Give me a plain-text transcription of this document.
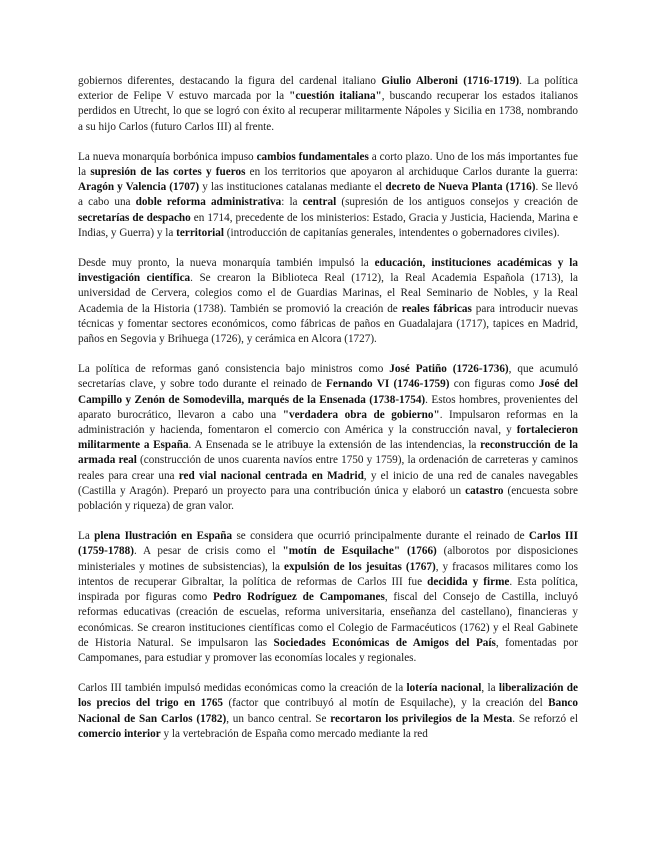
gobiernos diferentes, destacando la figura del cardenal italiano Giulio Alberoni (1716-1719). La política exterior de Felipe V estuvo marcada por la "cuestión italiana", buscando recuperar los estados italianos perdidos en Utrecht, lo que se logró con éxito al recuperar militarmente Nápoles y Sicilia en 1738, nombrando a su hijo Carlos (futuro Carlos III) al frente.

La nueva monarquía borbónica impuso cambios fundamentales a corto plazo. Uno de los más importantes fue la supresión de las cortes y fueros en los territorios que apoyaron al archiduque Carlos durante la guerra: Aragón y Valencia (1707) y las instituciones catalanas mediante el decreto de Nueva Planta (1716). Se llevó a cabo una doble reforma administrativa: la central (supresión de los antiguos consejos y creación de secretarías de despacho en 1714, precedente de los ministerios: Estado, Gracia y Justicia, Hacienda, Marina e Indias, y Guerra) y la territorial (introducción de capitanías generales, intendentes o gobernadores civiles).

Desde muy pronto, la nueva monarquía también impulsó la educación, instituciones académicas y la investigación científica. Se crearon la Biblioteca Real (1712), la Real Academia Española (1713), la universidad de Cervera, colegios como el de Guardias Marinas, el Real Seminario de Nobles, y la Real Academia de la Historia (1738). También se promovió la creación de reales fábricas para introducir nuevas técnicas y fomentar sectores económicos, como fábricas de paños en Guadalajara (1717), tapices en Madrid, paños en Segovia y Brihuega (1726), y cerámica en Alcora (1727).

La política de reformas ganó consistencia bajo ministros como José Patiño (1726-1736), que acumuló secretarías clave, y sobre todo durante el reinado de Fernando VI (1746-1759) con figuras como José del Campillo y Zenón de Somodevilla, marqués de la Ensenada (1738-1754). Estos hombres, provenientes del aparato burocrático, llevaron a cabo una "verdadera obra de gobierno". Impulsaron reformas en la administración y hacienda, fomentaron el comercio con América y la construcción naval, y fortalecieron militarmente a España. A Ensenada se le atribuye la extensión de las intendencias, la reconstrucción de la armada real (construcción de unos cuarenta navíos entre 1750 y 1759), la ordenación de carreteras y caminos reales para crear una red vial nacional centrada en Madrid, y el inicio de una red de canales navegables (Castilla y Aragón). Preparó un proyecto para una contribución única y elaboró un catastro (encuesta sobre población y riqueza) de gran valor.

La plena Ilustración en España se considera que ocurrió principalmente durante el reinado de Carlos III (1759-1788). A pesar de crisis como el "motín de Esquilache" (1766) (alborotos por disposiciones ministeriales y motines de subsistencias), la expulsión de los jesuitas (1767), y fracasos militares como los intentos de recuperar Gibraltar, la política de reformas de Carlos III fue decidida y firme. Esta política, inspirada por figuras como Pedro Rodríguez de Campomanes, fiscal del Consejo de Castilla, incluyó reformas educativas (creación de escuelas, reforma universitaria, enseñanza del castellano), financieras y económicas. Se crearon instituciones científicas como el Colegio de Farmacéuticos (1762) y el Real Gabinete de Historia Natural. Se impulsaron las Sociedades Económicas de Amigos del País, fomentadas por Campomanes, para estudiar y promover las economías locales y regionales.

Carlos III también impulsó medidas económicas como la creación de la lotería nacional, la liberalización de los precios del trigo en 1765 (factor que contribuyó al motín de Esquilache), y la creación del Banco Nacional de San Carlos (1782), un banco central. Se recortaron los privilegios de la Mesta. Se reforzó el comercio interior y la vertebración de España como mercado mediante la red
